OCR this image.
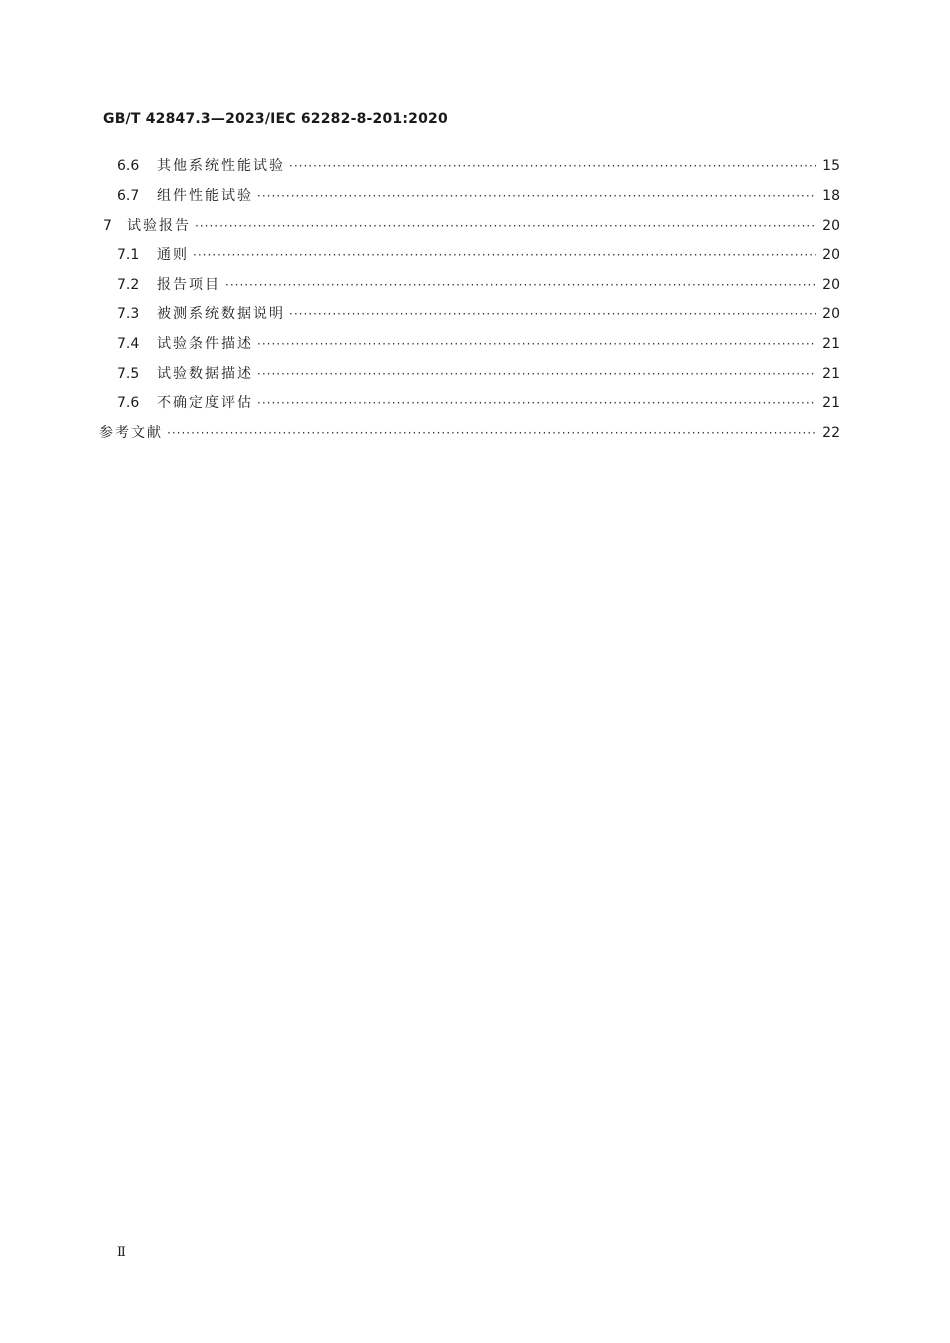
GB/T 42847.3—2023/IEC 62282-8-201:2020
6.6	其他系统性能试验 ·····	15
6.7	组件性能试验 ·····	18
7	试验报告 ·····	20
7.1	通则 ·····	20
7.2	报告项目 ·····	20
7.3	被测系统数据说明 ·····	20
7.4	试验条件描述 ·····	21
7.5	试验数据描述 ·····	21
7.6	不确定度评估 ·····	21
参考文献 ·····	22
Ⅱ
